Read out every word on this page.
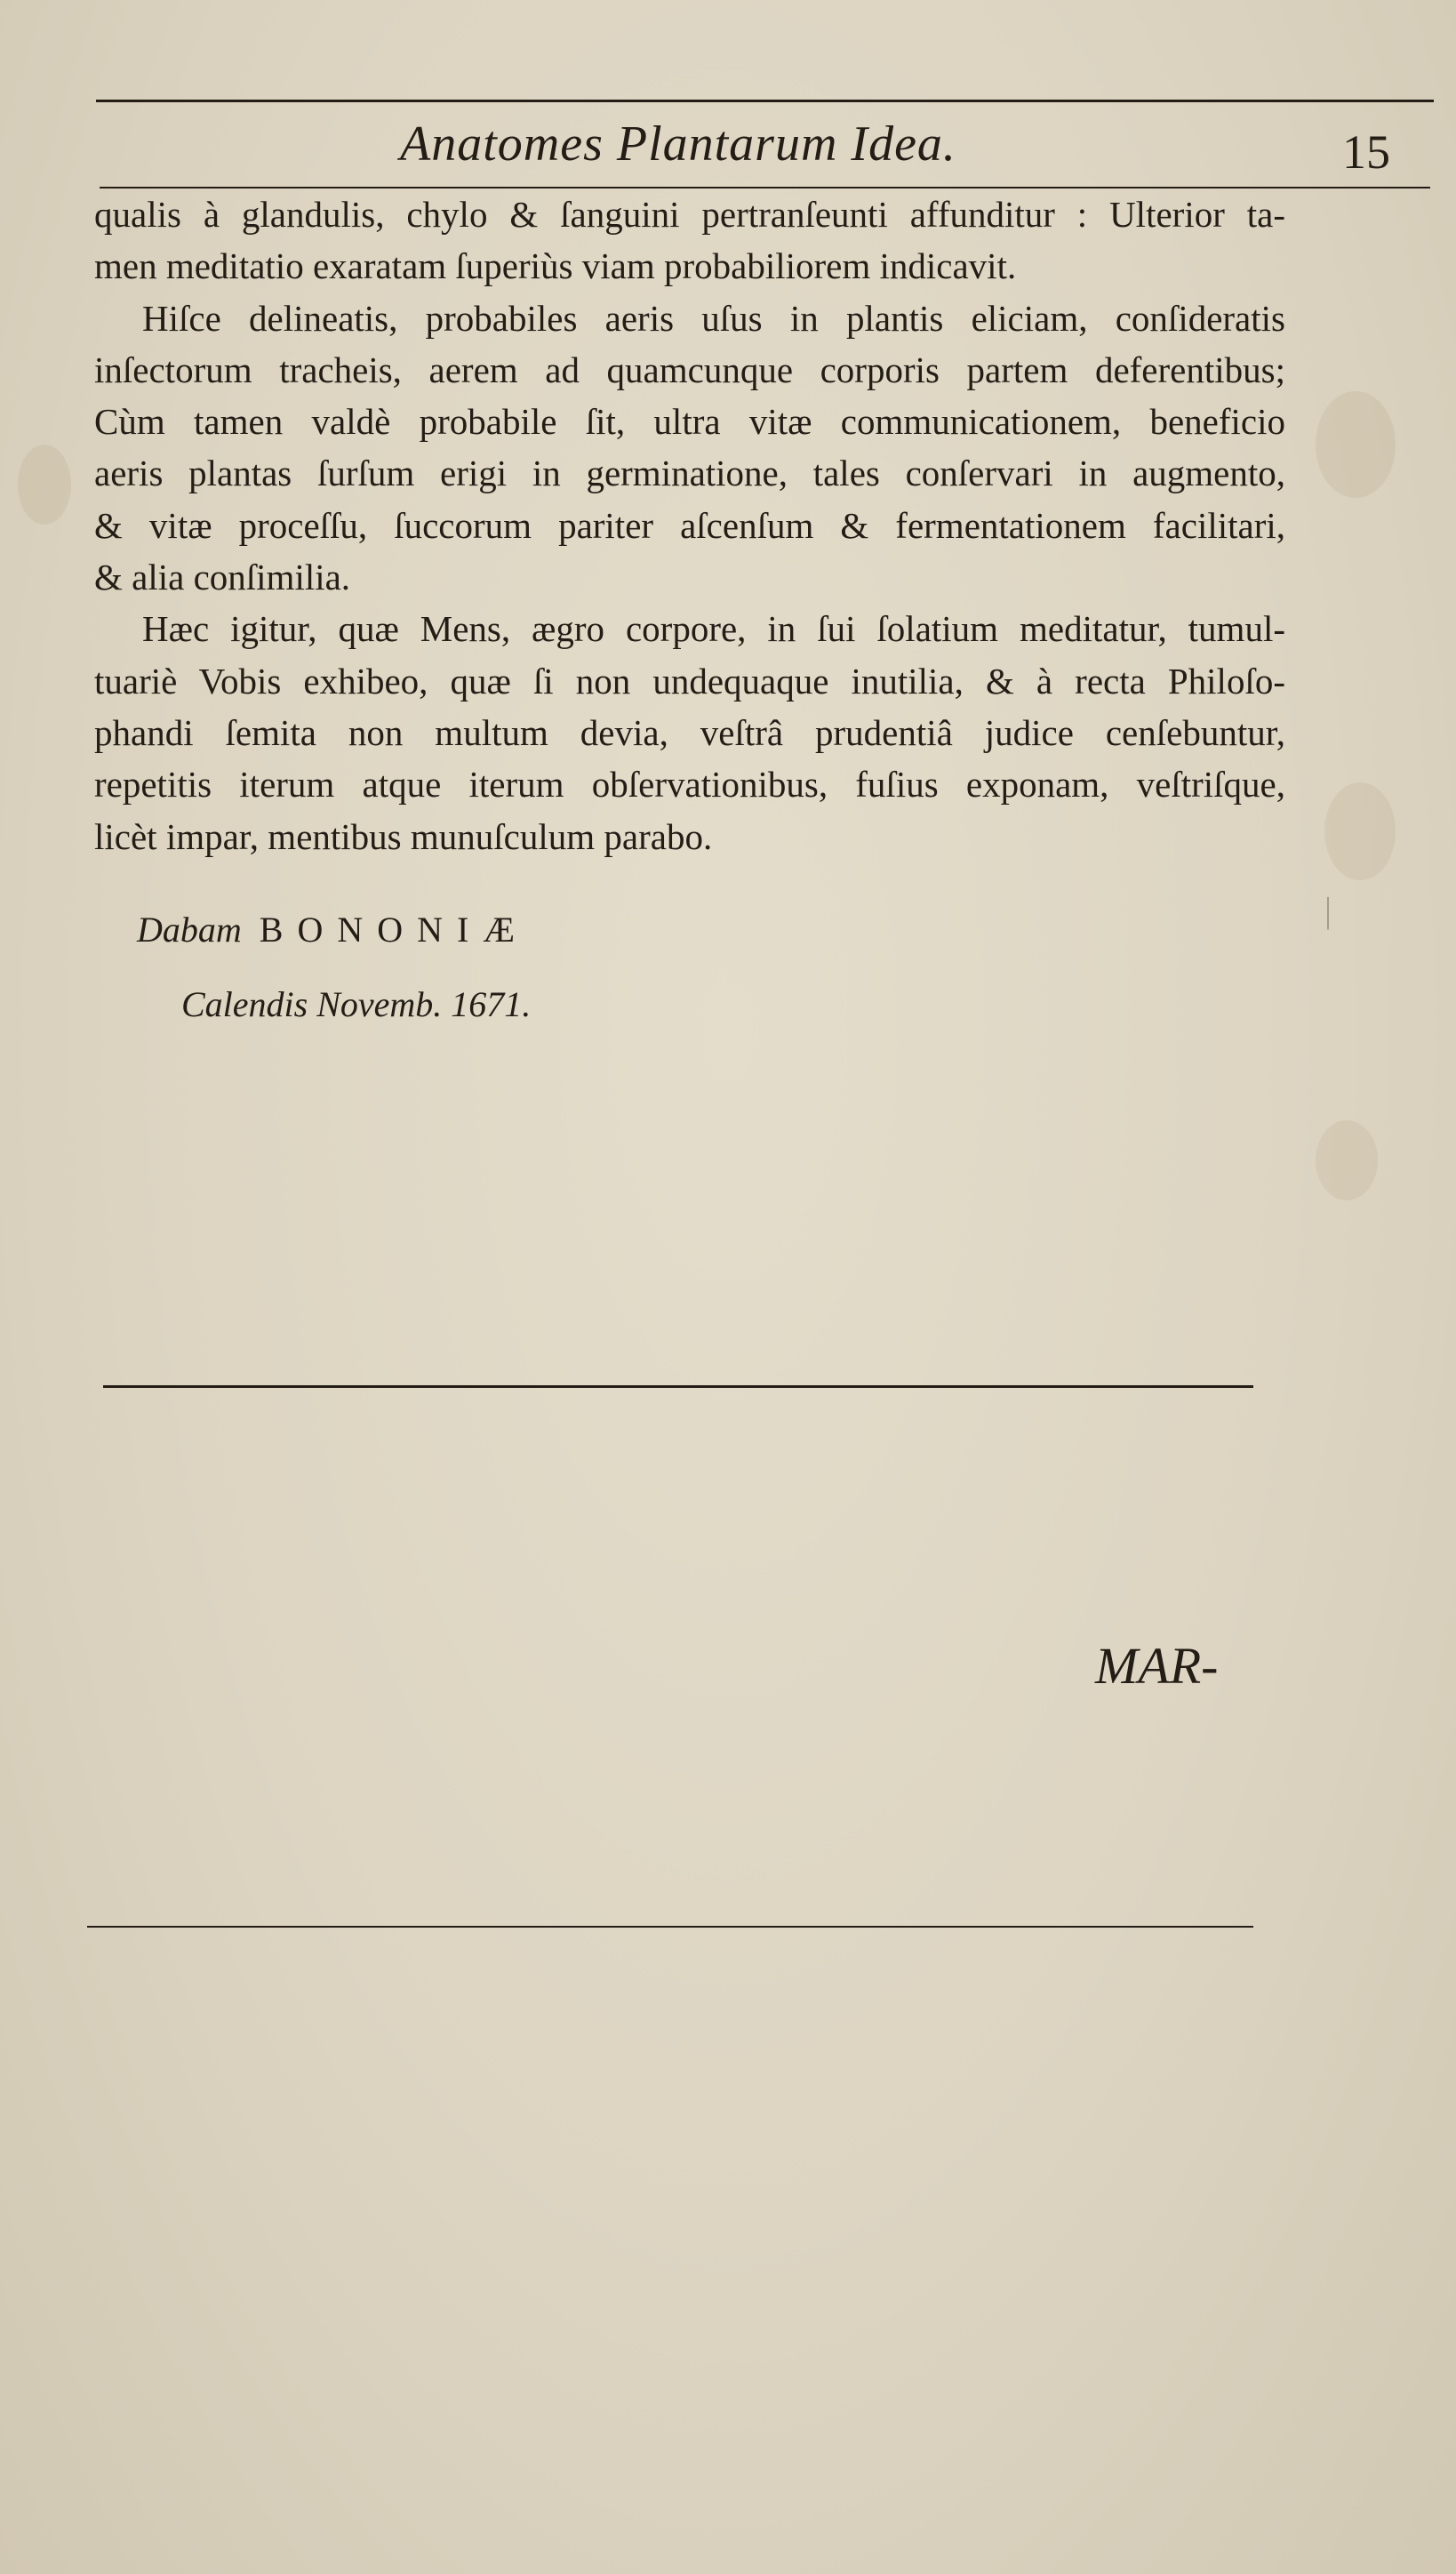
Anatomes Plantarum Idea.	15
qualis à glandulis, chylo & ſanguini pertranſeunti affunditur : Ulterior ta-
men meditatio exaratam ſuperiùs viam probabiliorem indicavit.
Hiſce delineatis, probabiles aeris uſus in plantis eliciam, conſideratis
inſectorum tracheis, aerem ad quamcunque corporis partem deferentibus;
Cùm tamen valdè probabile ſit, ultra vitæ communicationem, beneficio
aeris plantas ſurſum erigi in germinatione, tales conſervari in augmento,
& vitæ proceſſu, ſuccorum pariter aſcenſum & fermentationem facilitari,
& alia conſimilia.
Hæc igitur, quæ Mens, ægro corpore, in ſui ſolatium meditatur, tumul-
tuariè Vobis exhibeo, quæ ſi non undequaque inutilia, & à recta Philoſo-
phandi ſemita non multum devia, veſtrâ prudentiâ judice cenſebuntur,
repetitis iterum atque iterum obſervationibus, fuſius exponam, veſtriſque,
licèt impar, mentibus munuſculum parabo.
Dabam BONONIÆ
Calendis Novemb. 1671.
MAR-
|
